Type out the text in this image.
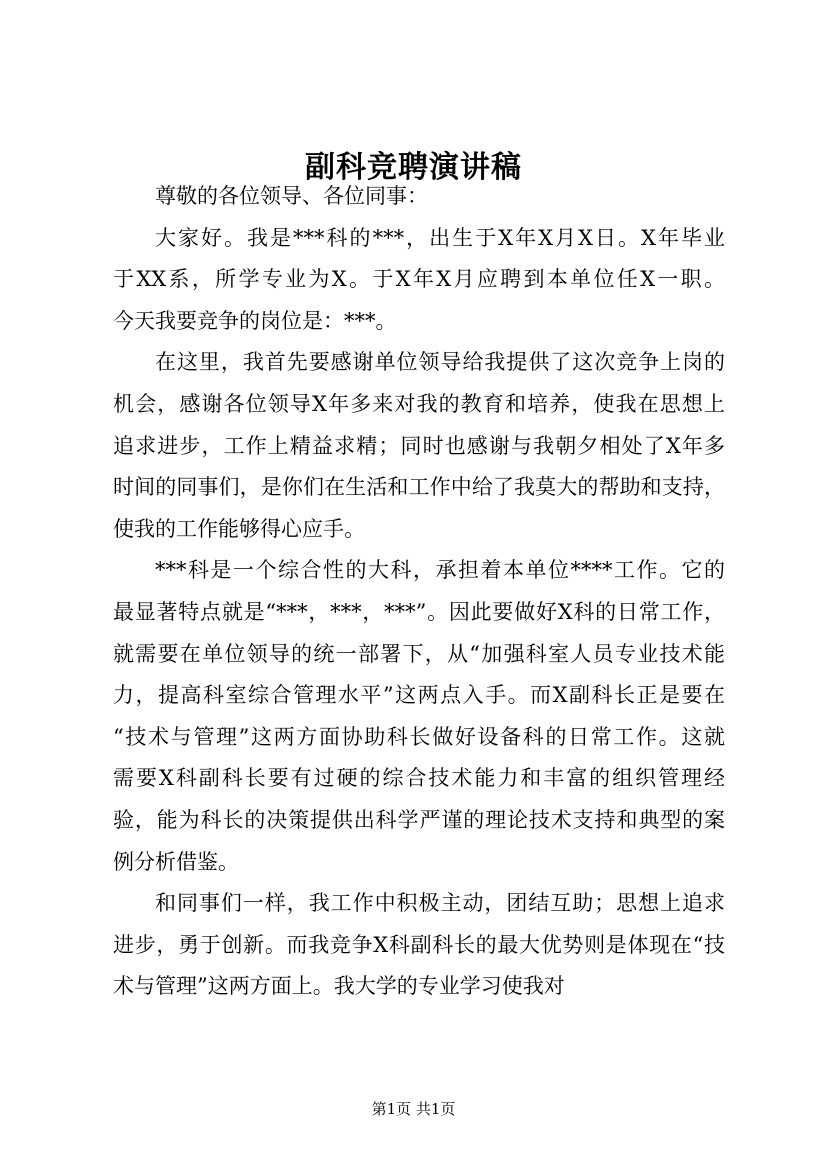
副科竞聘演讲稿
尊敬的各位领导、各位同事：
大家好。我是***科的***，出生于X年X月X日。X年毕业
于XX系，所学专业为X。于X年X月应聘到本单位任X一职。
今天我要竞争的岗位是：***。
在这里，我首先要感谢单位领导给我提供了这次竞争上岗的
机会，感谢各位领导X年多来对我的教育和培养，使我在思想上
追求进步，工作上精益求精；同时也感谢与我朝夕相处了X年多
时间的同事们，是你们在生活和工作中给了我莫大的帮助和支持，
使我的工作能够得心应手。
***科是一个综合性的大科，承担着本单位****工作。它的
最显著特点就是“***，***，***”。因此要做好X科的日常工作，
就需要在单位领导的统一部署下，从“加强科室人员专业技术能
力，提高科室综合管理水平”这两点入手。而X副科长正是要在
“技术与管理”这两方面协助科长做好设备科的日常工作。这就
需要X科副科长要有过硬的综合技术能力和丰富的组织管理经
验，能为科长的决策提供出科学严谨的理论技术支持和典型的案
例分析借鉴。
和同事们一样，我工作中积极主动，团结互助；思想上追求
进步，勇于创新。而我竞争X科副科长的最大优势则是体现在“技
术与管理”这两方面上。我大学的专业学习使我对
第1页 共1页
